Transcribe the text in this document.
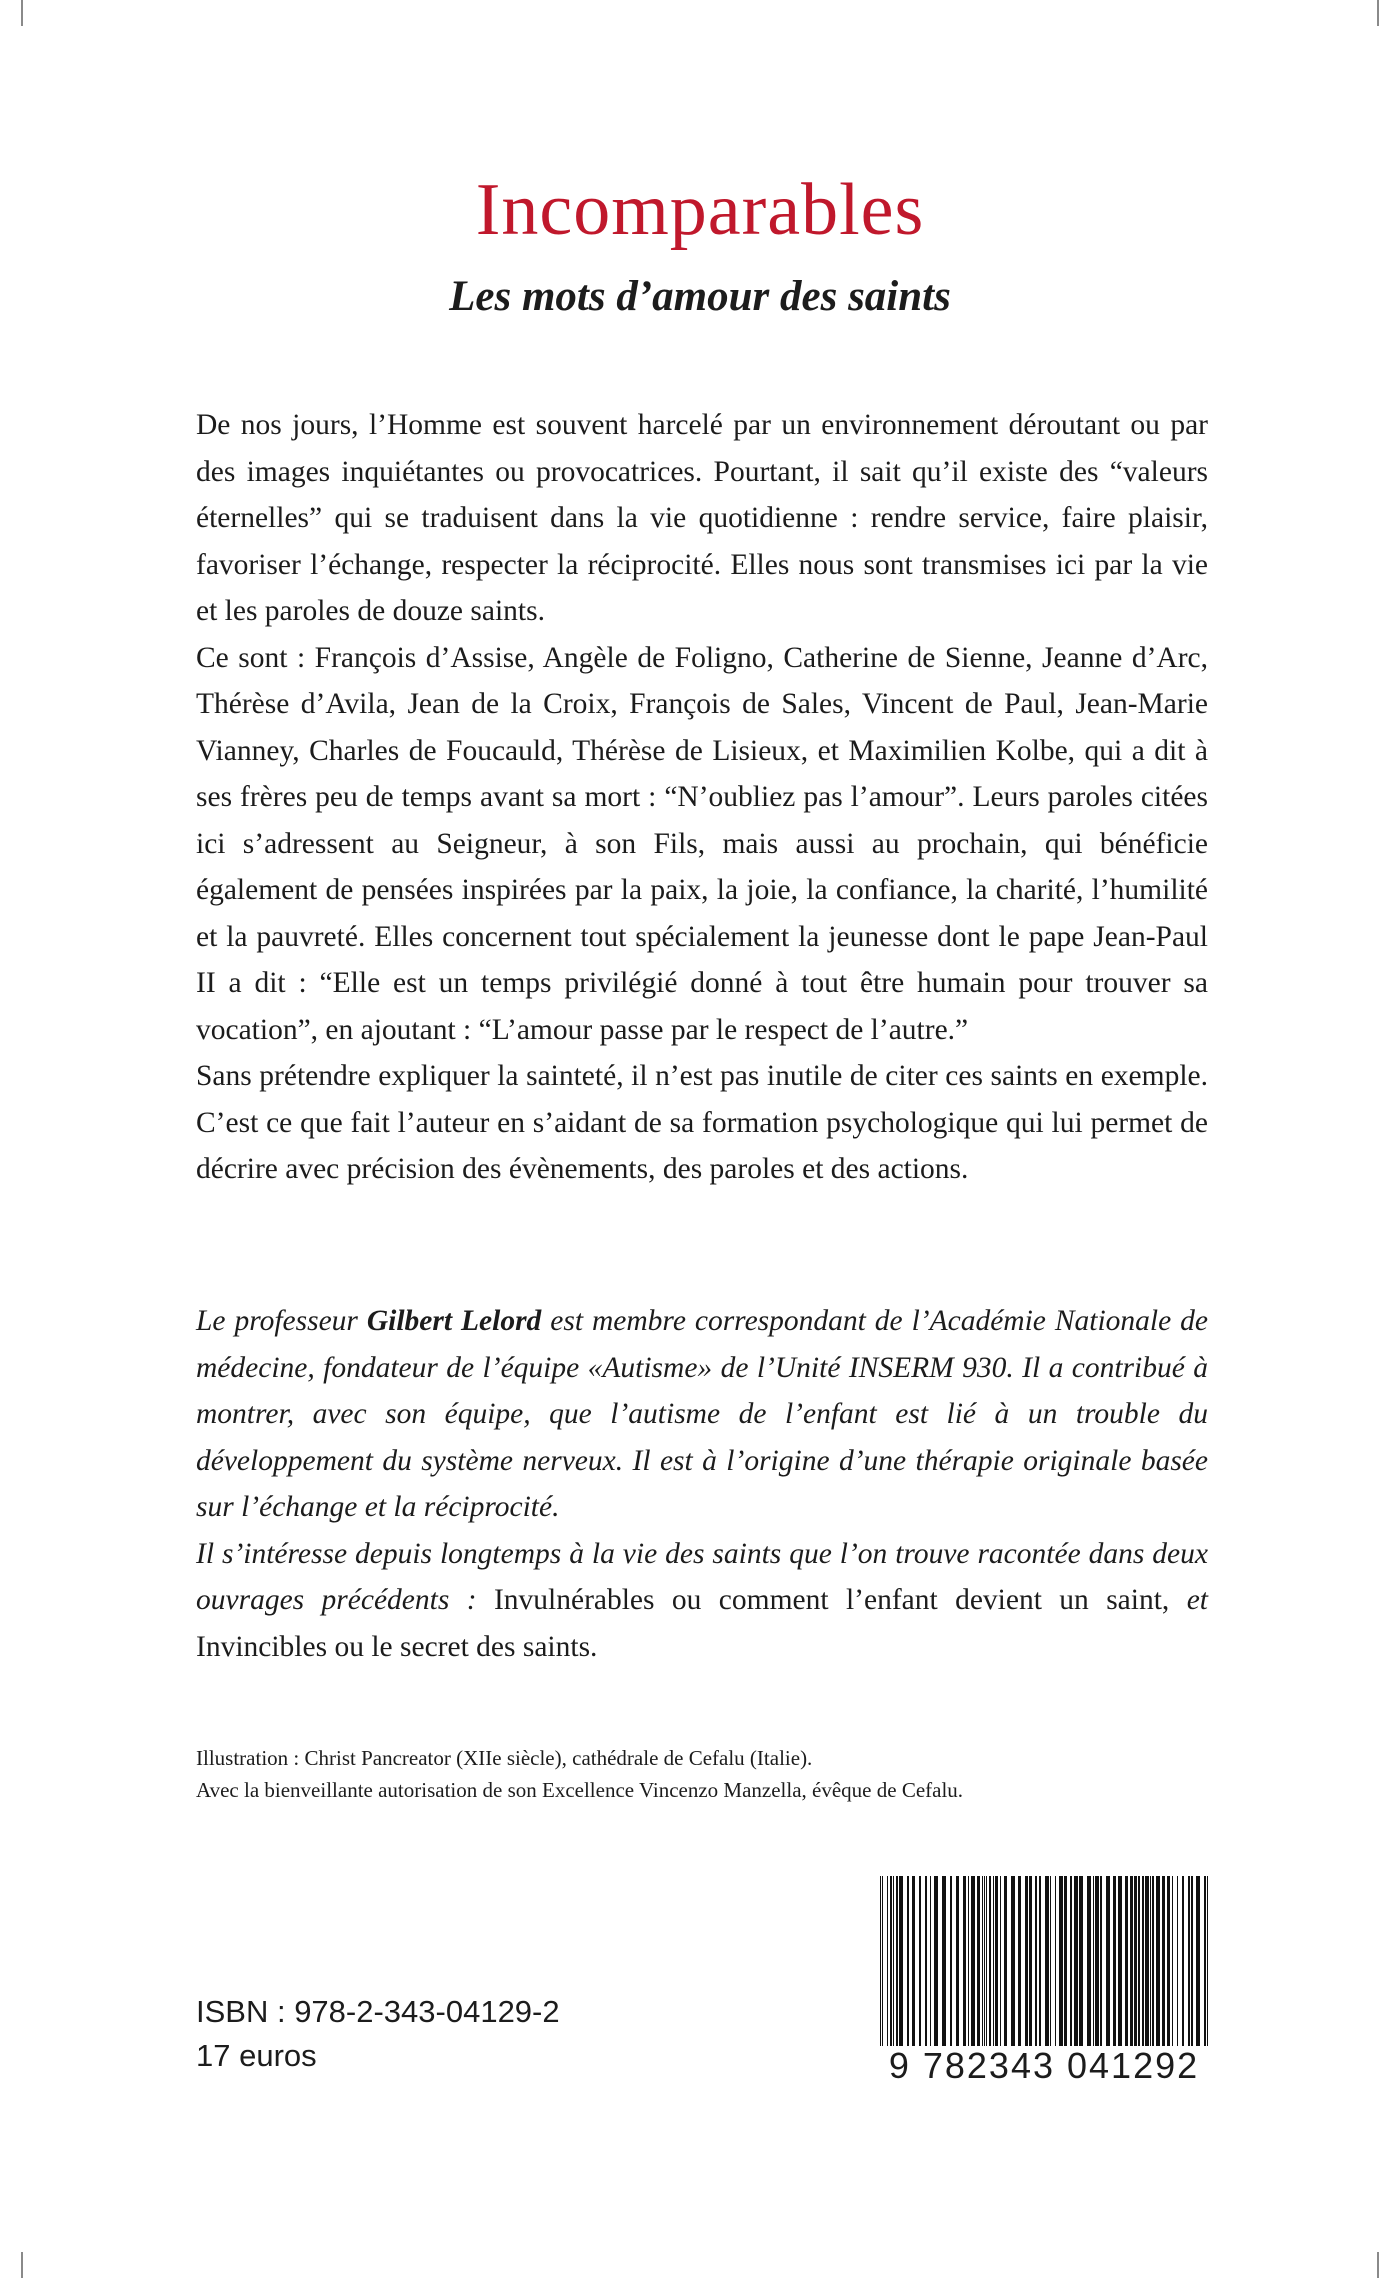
Incomparables
Les mots d’amour des saints

De nos jours, l’Homme est souvent harcelé par un environnement déroutant ou par des images inquiétantes ou provocatrices. Pourtant, il sait qu’il existe des “valeurs éternelles” qui se traduisent dans la vie quotidienne : rendre service, faire plaisir, favoriser l’échange, respecter la réciprocité. Elles nous sont transmises ici par la vie et les paroles de douze saints.

Ce sont : François d’Assise, Angèle de Foligno, Catherine de Sienne, Jeanne d’Arc, Thérèse d’Avila, Jean de la Croix, François de Sales, Vincent de Paul, Jean-Marie Vianney, Charles de Foucauld, Thérèse de Lisieux, et Maximilien Kolbe, qui a dit à ses frères peu de temps avant sa mort : “N’oubliez pas l’amour”. Leurs paroles citées ici s’adressent au Seigneur, à son Fils, mais aussi au prochain, qui bénéficie également de pensées inspirées par la paix, la joie, la confiance, la charité, l’humilité et la pauvreté. Elles concernent tout spécialement la jeunesse dont le pape Jean-Paul II a dit : “Elle est un temps privilégié donné à tout être humain pour trouver sa vocation”, en ajoutant : “L’amour passe par le respect de l’autre.”

Sans prétendre expliquer la sainteté, il n’est pas inutile de citer ces saints en exemple. C’est ce que fait l’auteur en s’aidant de sa formation psychologique qui lui permet de décrire avec précision des évènements, des paroles et des actions.

Le professeur Gilbert Lelord est membre correspondant de l’Académie Nationale de médecine, fondateur de l’équipe «Autisme» de l’Unité INSERM 930. Il a contribué à montrer, avec son équipe, que l’autisme de l’enfant est lié à un trouble du développement du système nerveux. Il est à l’origine d’une thérapie originale basée sur l’échange et la réciprocité.

Il s’intéresse depuis longtemps à la vie des saints que l’on trouve racontée dans deux ouvrages précédents : Invulnérables ou comment l’enfant devient un saint, et Invincibles ou le secret des saints.

Illustration : Christ Pancreator (XIIe siècle), cathédrale de Cefalu (Italie).

Avec la bienveillante autorisation de son Excellence Vincenzo Manzella, évêque de Cefalu.

ISBN : 978-2-343-04129-2
17 euros	9 782343 041292
